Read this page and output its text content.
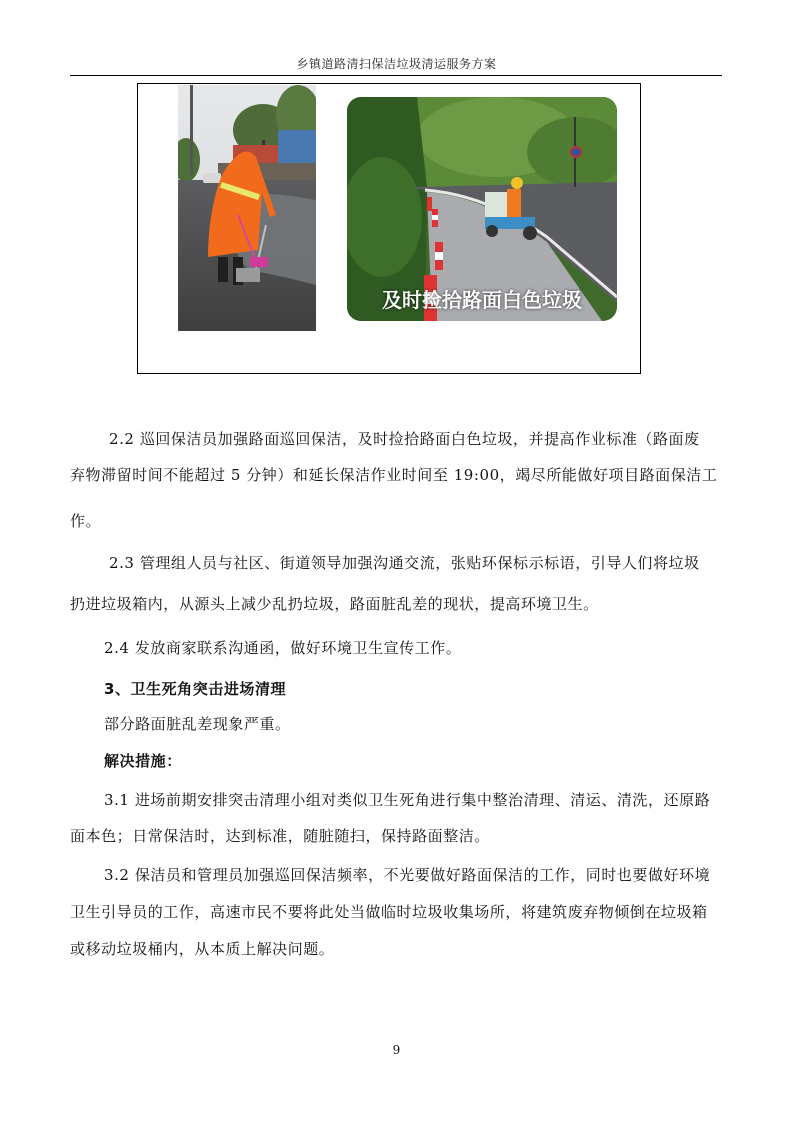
乡镇道路清扫保洁垃圾清运服务方案
及时捡拾路面白色垃圾
2.2 巡回保洁员加强路面巡回保洁，及时捡拾路面白色垃圾，并提高作业标准（路面废
弃物滞留时间不能超过 5 分钟）和延长保洁作业时间至 19:00，竭尽所能做好项目路面保洁工
作。
2.3 管理组人员与社区、街道领导加强沟通交流，张贴环保标示标语，引导人们将垃圾
扔进垃圾箱内，从源头上减少乱扔垃圾，路面脏乱差的现状，提高环境卫生。
2.4 发放商家联系沟通函，做好环境卫生宣传工作。
3、卫生死角突击进场清理
部分路面脏乱差现象严重。
解决措施：
3.1 进场前期安排突击清理小组对类似卫生死角进行集中整治清理、清运、清洗，还原路
面本色；日常保洁时，达到标准，随脏随扫，保持路面整洁。
3.2 保洁员和管理员加强巡回保洁频率，不光要做好路面保洁的工作，同时也要做好环境
卫生引导员的工作，高速市民不要将此处当做临时垃圾收集场所，将建筑废弃物倾倒在垃圾箱
或移动垃圾桶内，从本质上解决问题。
9
